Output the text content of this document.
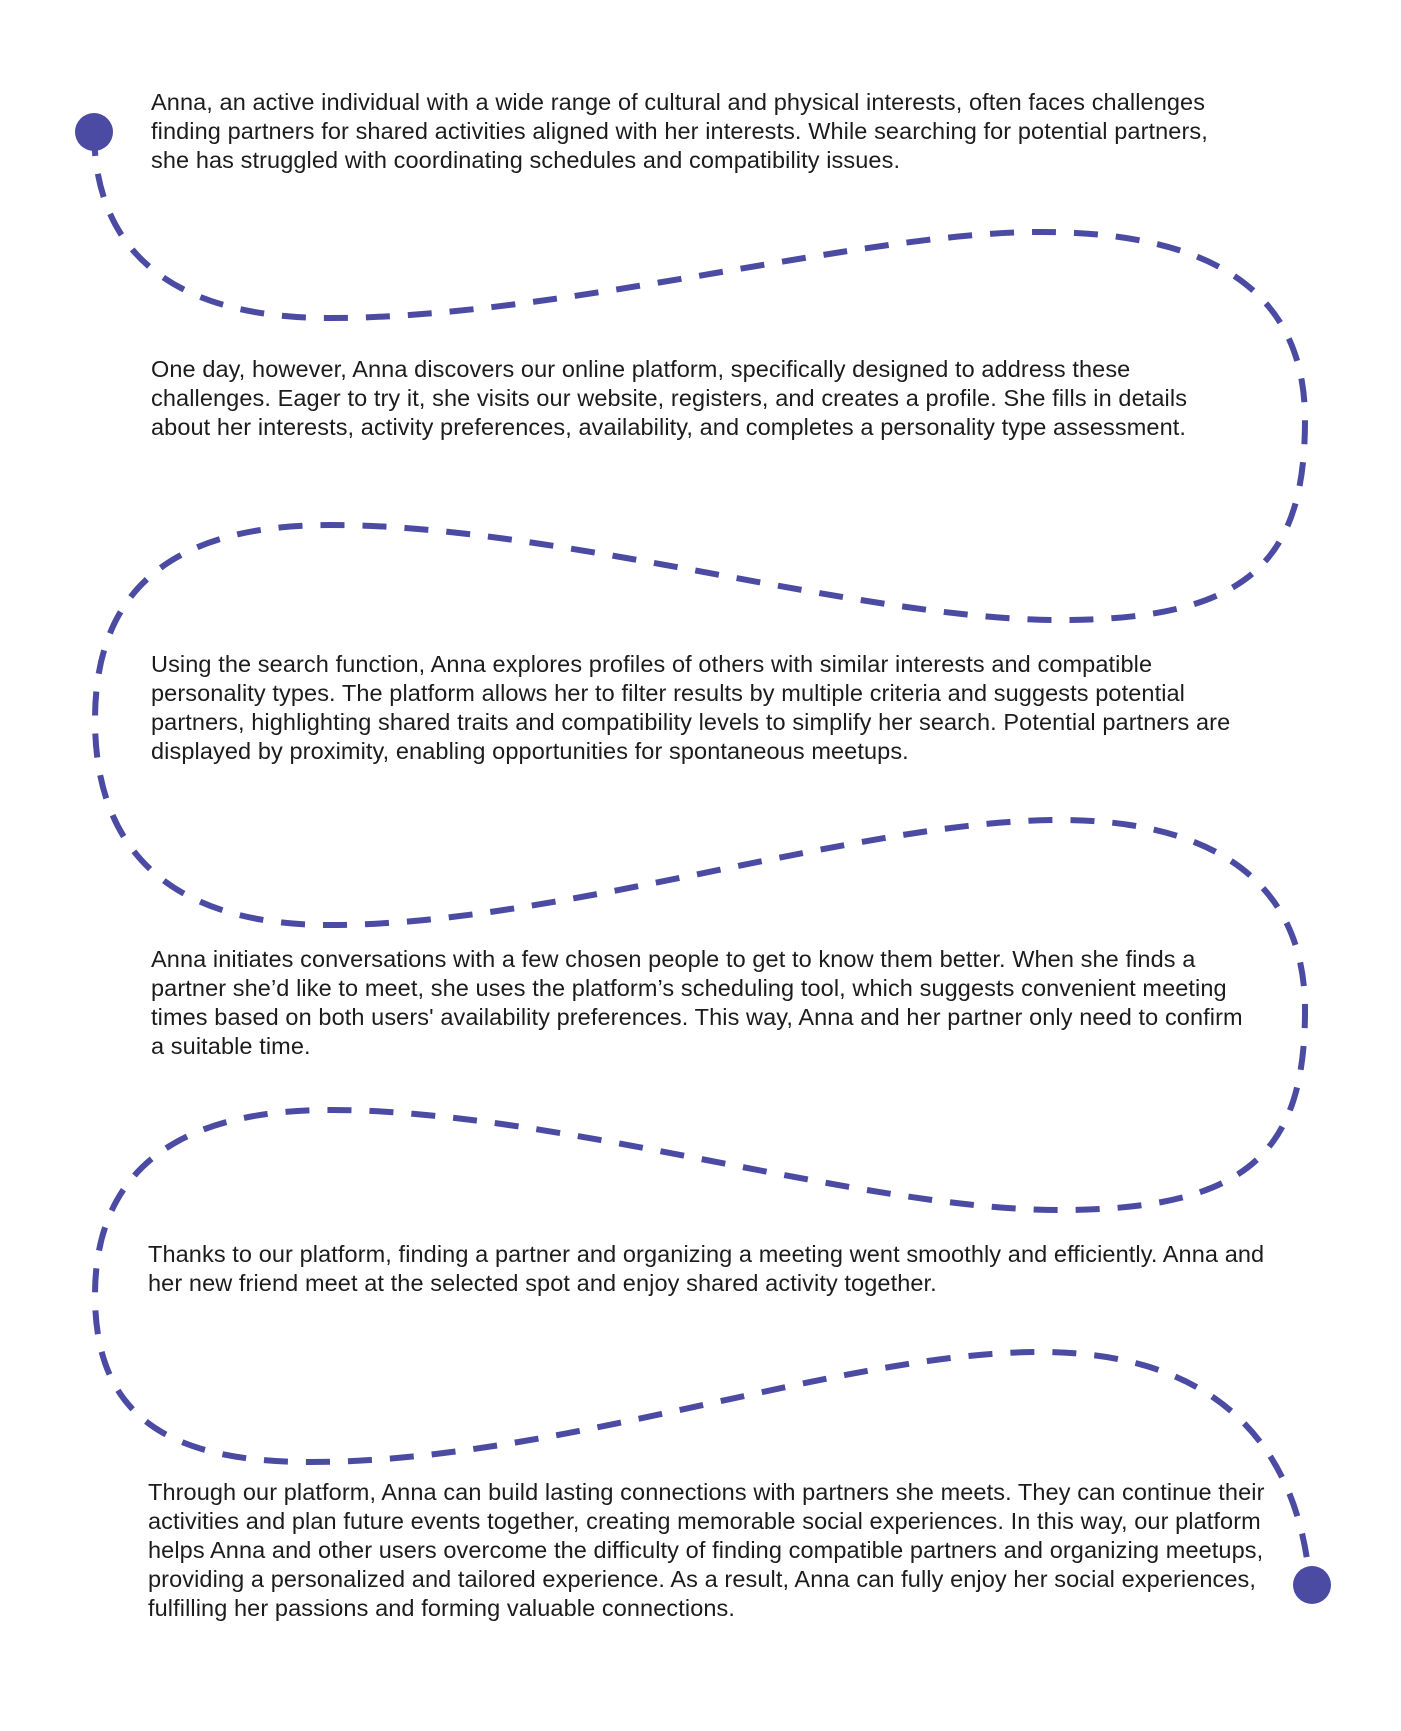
Anna, an active individual with a wide range of cultural and physical interests, often faces challenges finding partners for shared activities aligned with her interests. While searching for potential partners, she has struggled with coordinating schedules and compatibility issues.

One day, however, Anna discovers our online platform, specifically designed to address these challenges. Eager to try it, she visits our website, registers, and creates a profile. She fills in details about her interests, activity preferences, availability, and completes a personality type assessment.

Using the search function, Anna explores profiles of others with similar interests and compatible personality types. The platform allows her to filter results by multiple criteria and suggests potential partners, highlighting shared traits and compatibility levels to simplify her search. Potential partners are displayed by proximity, enabling opportunities for spontaneous meetups.

Anna initiates conversations with a few chosen people to get to know them better. When she finds a partner she’d like to meet, she uses the platform’s scheduling tool, which suggests convenient meeting times based on both users' availability preferences. This way, Anna and her partner only need to confirm a suitable time.

Thanks to our platform, finding a partner and organizing a meeting went smoothly and efficiently. Anna and her new friend meet at the selected spot and enjoy shared activity together.

Through our platform, Anna can build lasting connections with partners she meets. They can continue their activities and plan future events together, creating memorable social experiences. In this way, our platform helps Anna and other users overcome the difficulty of finding compatible partners and organizing meetups, providing a personalized and tailored experience. As a result, Anna can fully enjoy her social experiences, fulfilling her passions and forming valuable connections.
